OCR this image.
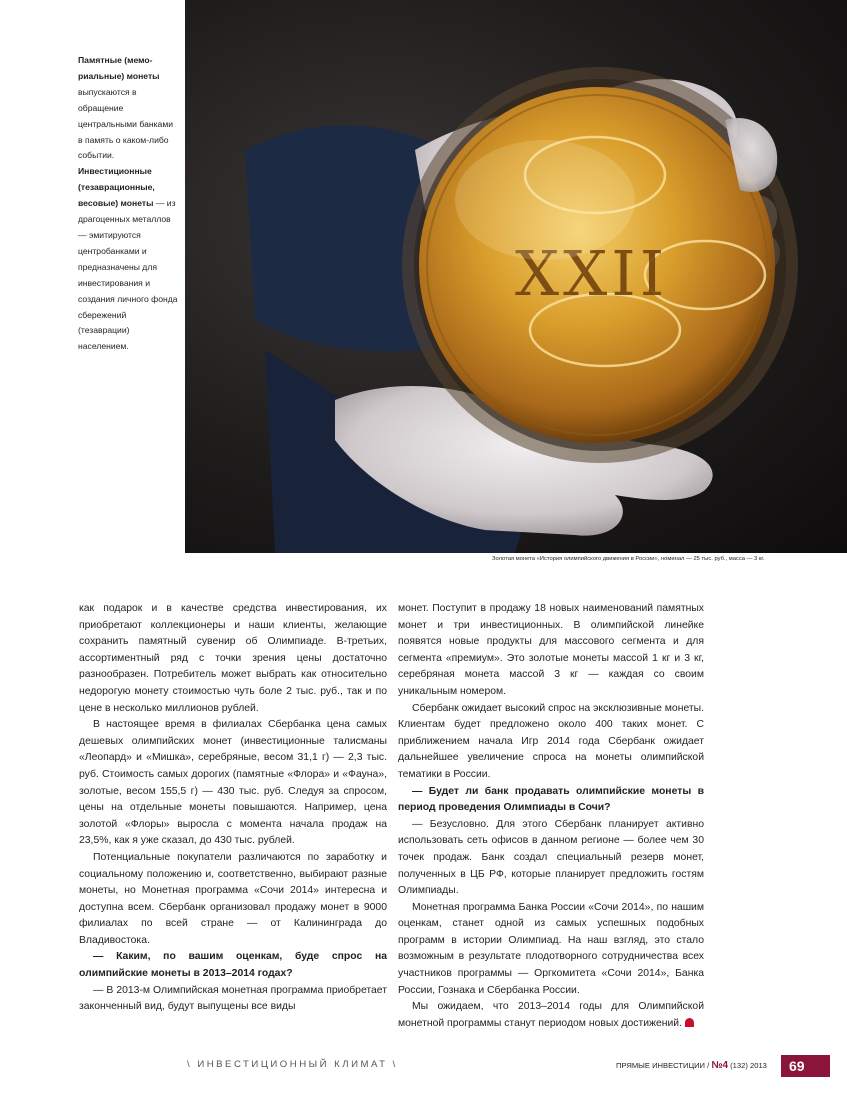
XXII

Памятные (мемо-риальные) монеты выпускаются в обращение центральными банками в память о каком-либо событии.

Инвестиционные (тезаврационные, весовые) монеты — из драгоценных металлов — эмитируются центробанками и предназначены для инвестирования и создания личного фонда сбережений (тезаврации) населением.

Золотая монета «История олимпийского движения в России», номинал — 25 тыс. руб., масса — 3 кг.

как подарок и в качестве средства инвестирования, их приобретают коллекционеры и наши клиенты, желающие сохранить памятный сувенир об Олимпиаде. В-третьих, ассортиментный ряд с точки зрения цены достаточно разнообразен. Потребитель может выбрать как относительно недорогую монету стоимостью чуть боле 2 тыс. руб., так и по цене в несколько миллионов рублей.

В настоящее время в филиалах Сбербанка цена самых дешевых олимпийских монет (инвестиционные талисманы «Леопард» и «Мишка», серебряные, весом 31,1 г) — 2,3 тыс. руб. Стоимость самых дорогих (памятные «Флора» и «Фауна», золотые, весом 155,5 г) — 430 тыс. руб. Следуя за спросом, цены на отдельные монеты повышаются. Например, цена золотой «Флоры» выросла с момента начала продаж на 23,5%, как я уже сказал, до 430 тыс. рублей.

Потенциальные покупатели различаются по заработку и социальному положению и, соответственно, выбирают разные монеты, но Монетная программа «Сочи 2014» интересна и доступна всем. Сбербанк организовал продажу монет в 9000 филиалах по всей стране — от Калининграда до Владивостока.

— Каким, по вашим оценкам, буде спрос на олимпийские монеты в 2013–2014 годах?

— В 2013-м Олимпийская монетная программа приобретает законченный вид, будут выпущены все виды

монет. Поступит в продажу 18 новых наименований памятных монет и три инвестиционных. В олимпийской линейке появятся новые продукты для массового сегмента и для сегмента «премиум». Это золотые монеты массой 1 кг и 3 кг, серебряная монета массой 3 кг — каждая со своим уникальным номером.

Сбербанк ожидает высокий спрос на эксклюзивные монеты. Клиентам будет предложено около 400 таких монет. С приближением начала Игр 2014 года Сбербанк ожидает дальнейшее увеличение спроса на монеты олимпийской тематики в России.

— Будет ли банк продавать олимпийские монеты в период проведения Олимпиады в Сочи?

— Безусловно. Для этого Сбербанк планирует активно использовать сеть офисов в данном регионе — более чем 30 точек продаж. Банк создал специальный резерв монет, полученных в ЦБ РФ, которые планирует предложить гостям Олимпиады.

Монетная программа Банка России «Сочи 2014», по нашим оценкам, станет одной из самых успешных подобных программ в истории Олимпиад. На наш взгляд, это стало возможным в результате плодотворного сотрудничества всех участников программы — Оргкомитета «Сочи 2014», Банка России, Гознака и Сбербанка России.

Мы ожидаем, что 2013–2014 годы для Олимпийской монетной программы станут периодом новых достижений.

\ ИНВЕСТИЦИОННЫЙ КЛИМАТ \	ПРЯМЫЕ ИНВЕСТИЦИИ / №4 (132) 2013	69
